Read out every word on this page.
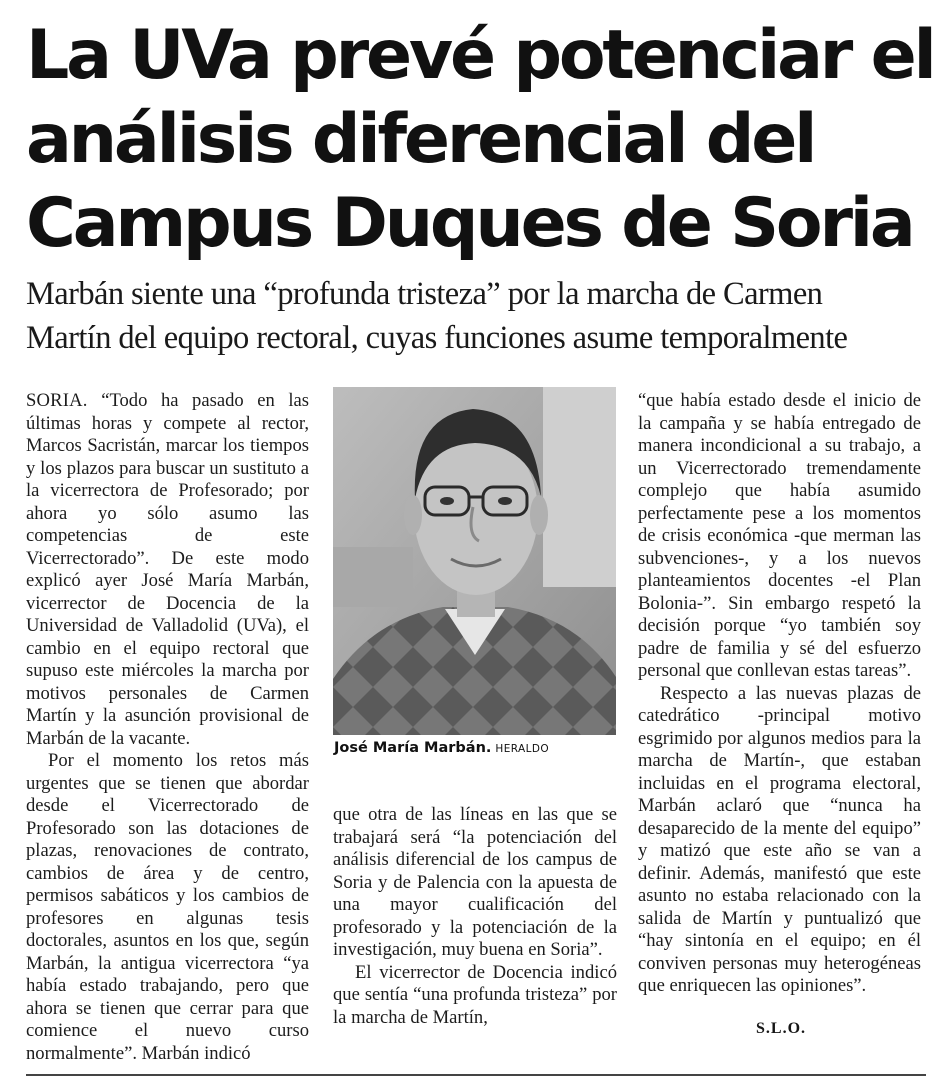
La UVa prevé potenciar el
análisis diferencial del
Campus Duques de Soria
Marbán siente una “profunda tristeza” por la marcha de Carmen
Martín del equipo rectoral, cuyas funciones asume temporalmente

SORIA. “Todo ha pasado en las últimas horas y compete al rector, Marcos Sacristán, marcar los tiempos y los plazos para buscar un sustituto a la vicerrectora de Profesorado; por ahora yo sólo asumo las competencias de este Vicerrectorado”. De este modo explicó ayer José María Marbán, vicerrector de Docencia de la Universidad de Valladolid (UVa), el cambio en el equipo rectoral que supuso este miércoles la marcha por motivos personales de Carmen Martín y la asunción provisional de Marbán de la vacante.

Por el momento los retos más urgentes que se tienen que abordar desde el Vicerrectorado de Profesorado son las dotaciones de plazas, renovaciones de contrato, cambios de área y de centro, permisos sabáticos y los cambios de profesores en algunas tesis doctorales, asuntos en los que, según Marbán, la antigua vicerrectora “ya había estado trabajando, pero que ahora se tienen que cerrar para que comience el nuevo curso normalmente”. Marbán indicó

José María Marbán. HERALDO

que otra de las líneas en las que se trabajará será “la potenciación del análisis diferencial de los campus de Soria y de Palencia con la apuesta de una mayor cualificación del profesorado y la potenciación de la investigación, muy buena en Soria”.

El vicerrector de Docencia indicó que sentía “una profunda tristeza” por la marcha de Martín,

“que había estado desde el inicio de la campaña y se había entregado de manera incondicional a su trabajo, a un Vicerrectorado tremendamente complejo que había asumido perfectamente pese a los momentos de crisis económica -que merman las subvenciones-, y a los nuevos planteamientos docentes -el Plan Bolonia-”. Sin embargo respetó la decisión porque “yo también soy padre de familia y sé del esfuerzo personal que conllevan estas tareas”.

Respecto a las nuevas plazas de catedrático -principal motivo esgrimido por algunos medios para la marcha de Martín-, que estaban incluidas en el programa electoral, Marbán aclaró que “nunca ha desaparecido de la mente del equipo” y matizó que este año se van a definir. Además, manifestó que este asunto no estaba relacionado con la salida de Martín y puntualizó que “hay sintonía en el equipo; en él conviven personas muy heterogéneas que enriquecen las opiniones”.

S.L.O.
